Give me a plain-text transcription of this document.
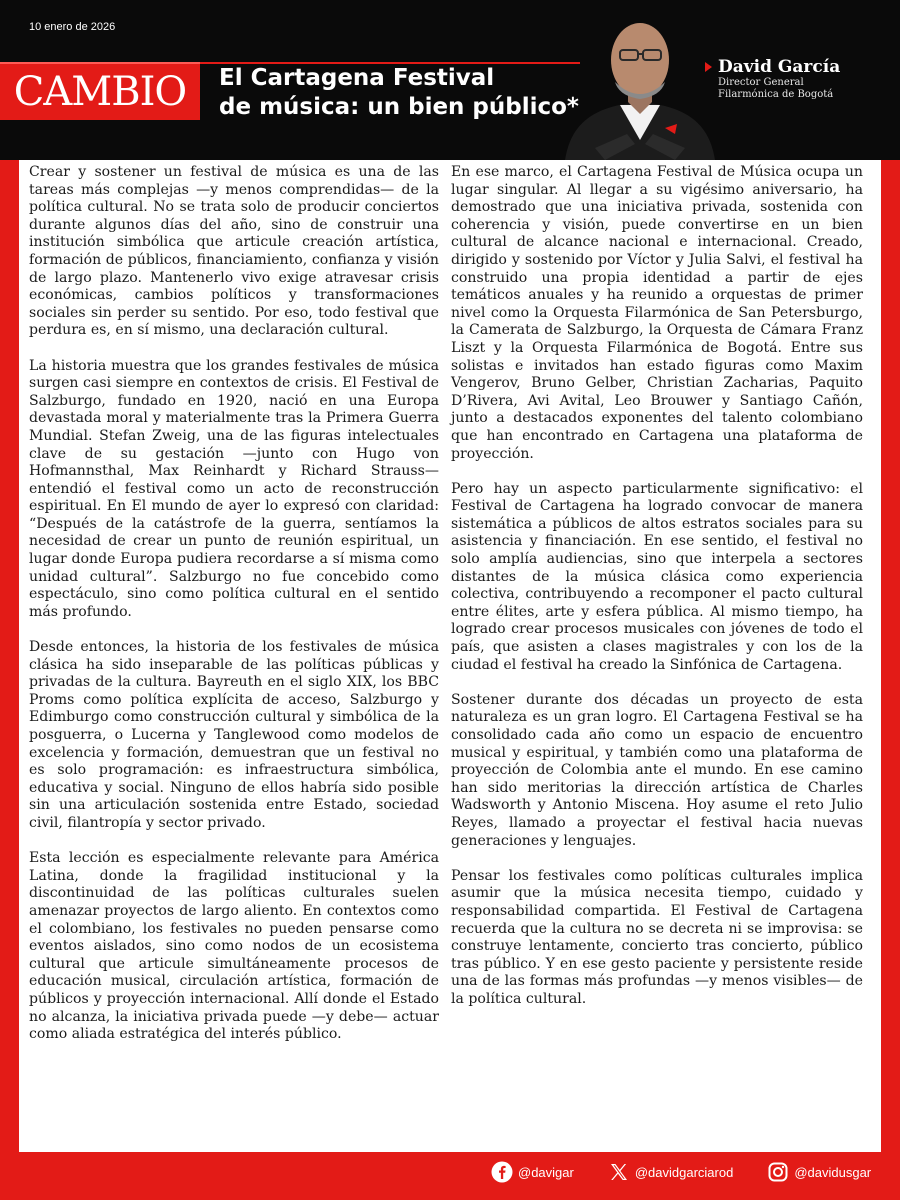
10 enero de 2026
CAMBIO El Cartagena Festival
de música: un bien público*
David García
Director General
Filarmónica de Bogotá

Crear y sostener un festival de música es una de las tareas más complejas —y menos comprendidas— de la política cultural. No se trata solo de producir conciertos durante algunos días del año, sino de construir una institución simbólica que articule creación artística, formación de públicos, financiamiento, confianza y visión de largo plazo. Mantenerlo vivo exige atravesar crisis económicas, cambios políticos y transformaciones sociales sin perder su sentido. Por eso, todo festival que perdura es, en sí mismo, una declaración cultural.

La historia muestra que los grandes festivales de música surgen casi siempre en contextos de crisis. El Festival de Salzburgo, fundado en 1920, nació en una Europa devastada moral y materialmente tras la Primera Guerra Mundial. Stefan Zweig, una de las figuras intelectuales clave de su gestación —junto con Hugo von Hofmannsthal, Max Reinhardt y Richard Strauss— entendió el festival como un acto de reconstrucción espiritual. En El mundo de ayer lo expresó con claridad: “Después de la catástrofe de la guerra, sentíamos la necesidad de crear un punto de reunión espiritual, un lugar donde Europa pudiera recordarse a sí misma como unidad cultural”. Salzburgo no fue concebido como espectáculo, sino como política cultural en el sentido más profundo.

Desde entonces, la historia de los festivales de música clásica ha sido inseparable de las políticas públicas y privadas de la cultura. Bayreuth en el siglo XIX, los BBC Proms como política explícita de acceso, Salzburgo y Edimburgo como construcción cultural y simbólica de la posguerra, o Lucerna y Tanglewood como modelos de excelencia y formación, demuestran que un festival no es solo programación: es infraestructura simbólica, educativa y social. Ninguno de ellos habría sido posible sin una articulación sostenida entre Estado, sociedad civil, filantropía y sector privado.

Esta lección es especialmente relevante para América Latina, donde la fragilidad institucional y la discontinuidad de las políticas culturales suelen amenazar proyectos de largo aliento. En contextos como el colombiano, los festivales no pueden pensarse como eventos aislados, sino como nodos de un ecosistema cultural que articule simultáneamente procesos de educación musical, circulación artística, formación de públicos y proyección internacional. Allí donde el Estado no alcanza, la iniciativa privada puede —y debe— actuar como aliada estratégica del interés público.

En ese marco, el Cartagena Festival de Música ocupa un lugar singular. Al llegar a su vigésimo aniversario, ha demostrado que una iniciativa privada, sostenida con coherencia y visión, puede convertirse en un bien cultural de alcance nacional e internacional. Creado, dirigido y sostenido por Víctor y Julia Salvi, el festival ha construido una propia identidad a partir de ejes temáticos anuales y ha reunido a orquestas de primer nivel como la Orquesta Filarmónica de San Petersburgo, la Camerata de Salzburgo, la Orquesta de Cámara Franz Liszt y la Orquesta Filarmónica de Bogotá. Entre sus solistas e invitados han estado figuras como Maxim Vengerov, Bruno Gelber, Christian Zacharias, Paquito D’Rivera, Avi Avital, Leo Brouwer y Santiago Cañón, junto a destacados exponentes del talento colombiano que han encontrado en Cartagena una plataforma de proyección.

Pero hay un aspecto particularmente significativo: el Festival de Cartagena ha logrado convocar de manera sistemática a públicos de altos estratos sociales para su asistencia y financiación. En ese sentido, el festival no solo amplía audiencias, sino que interpela a sectores distantes de la música clásica como experiencia colectiva, contribuyendo a recomponer el pacto cultural entre élites, arte y esfera pública. Al mismo tiempo, ha logrado crear procesos musicales con jóvenes de todo el país, que asisten a clases magistrales y con los de la ciudad el festival ha creado la Sinfónica de Cartagena.

Sostener durante dos décadas un proyecto de esta naturaleza es un gran logro. El Cartagena Festival se ha consolidado cada año como un espacio de encuentro musical y espiritual, y también como una plataforma de proyección de Colombia ante el mundo. En ese camino han sido meritorias la dirección artística de Charles Wadsworth y Antonio Miscena. Hoy asume el reto Julio Reyes, llamado a proyectar el festival hacia nuevas generaciones y lenguajes.

Pensar los festivales como políticas culturales implica asumir que la música necesita tiempo, cuidado y responsabilidad compartida. El Festival de Cartagena recuerda que la cultura no se decreta ni se improvisa: se construye lentamente, concierto tras concierto, público tras público. Y en ese gesto paciente y persistente reside una de las formas más profundas —y menos visibles— de la política cultural.

@davigar	@davidgarciarod	@davidusgar
